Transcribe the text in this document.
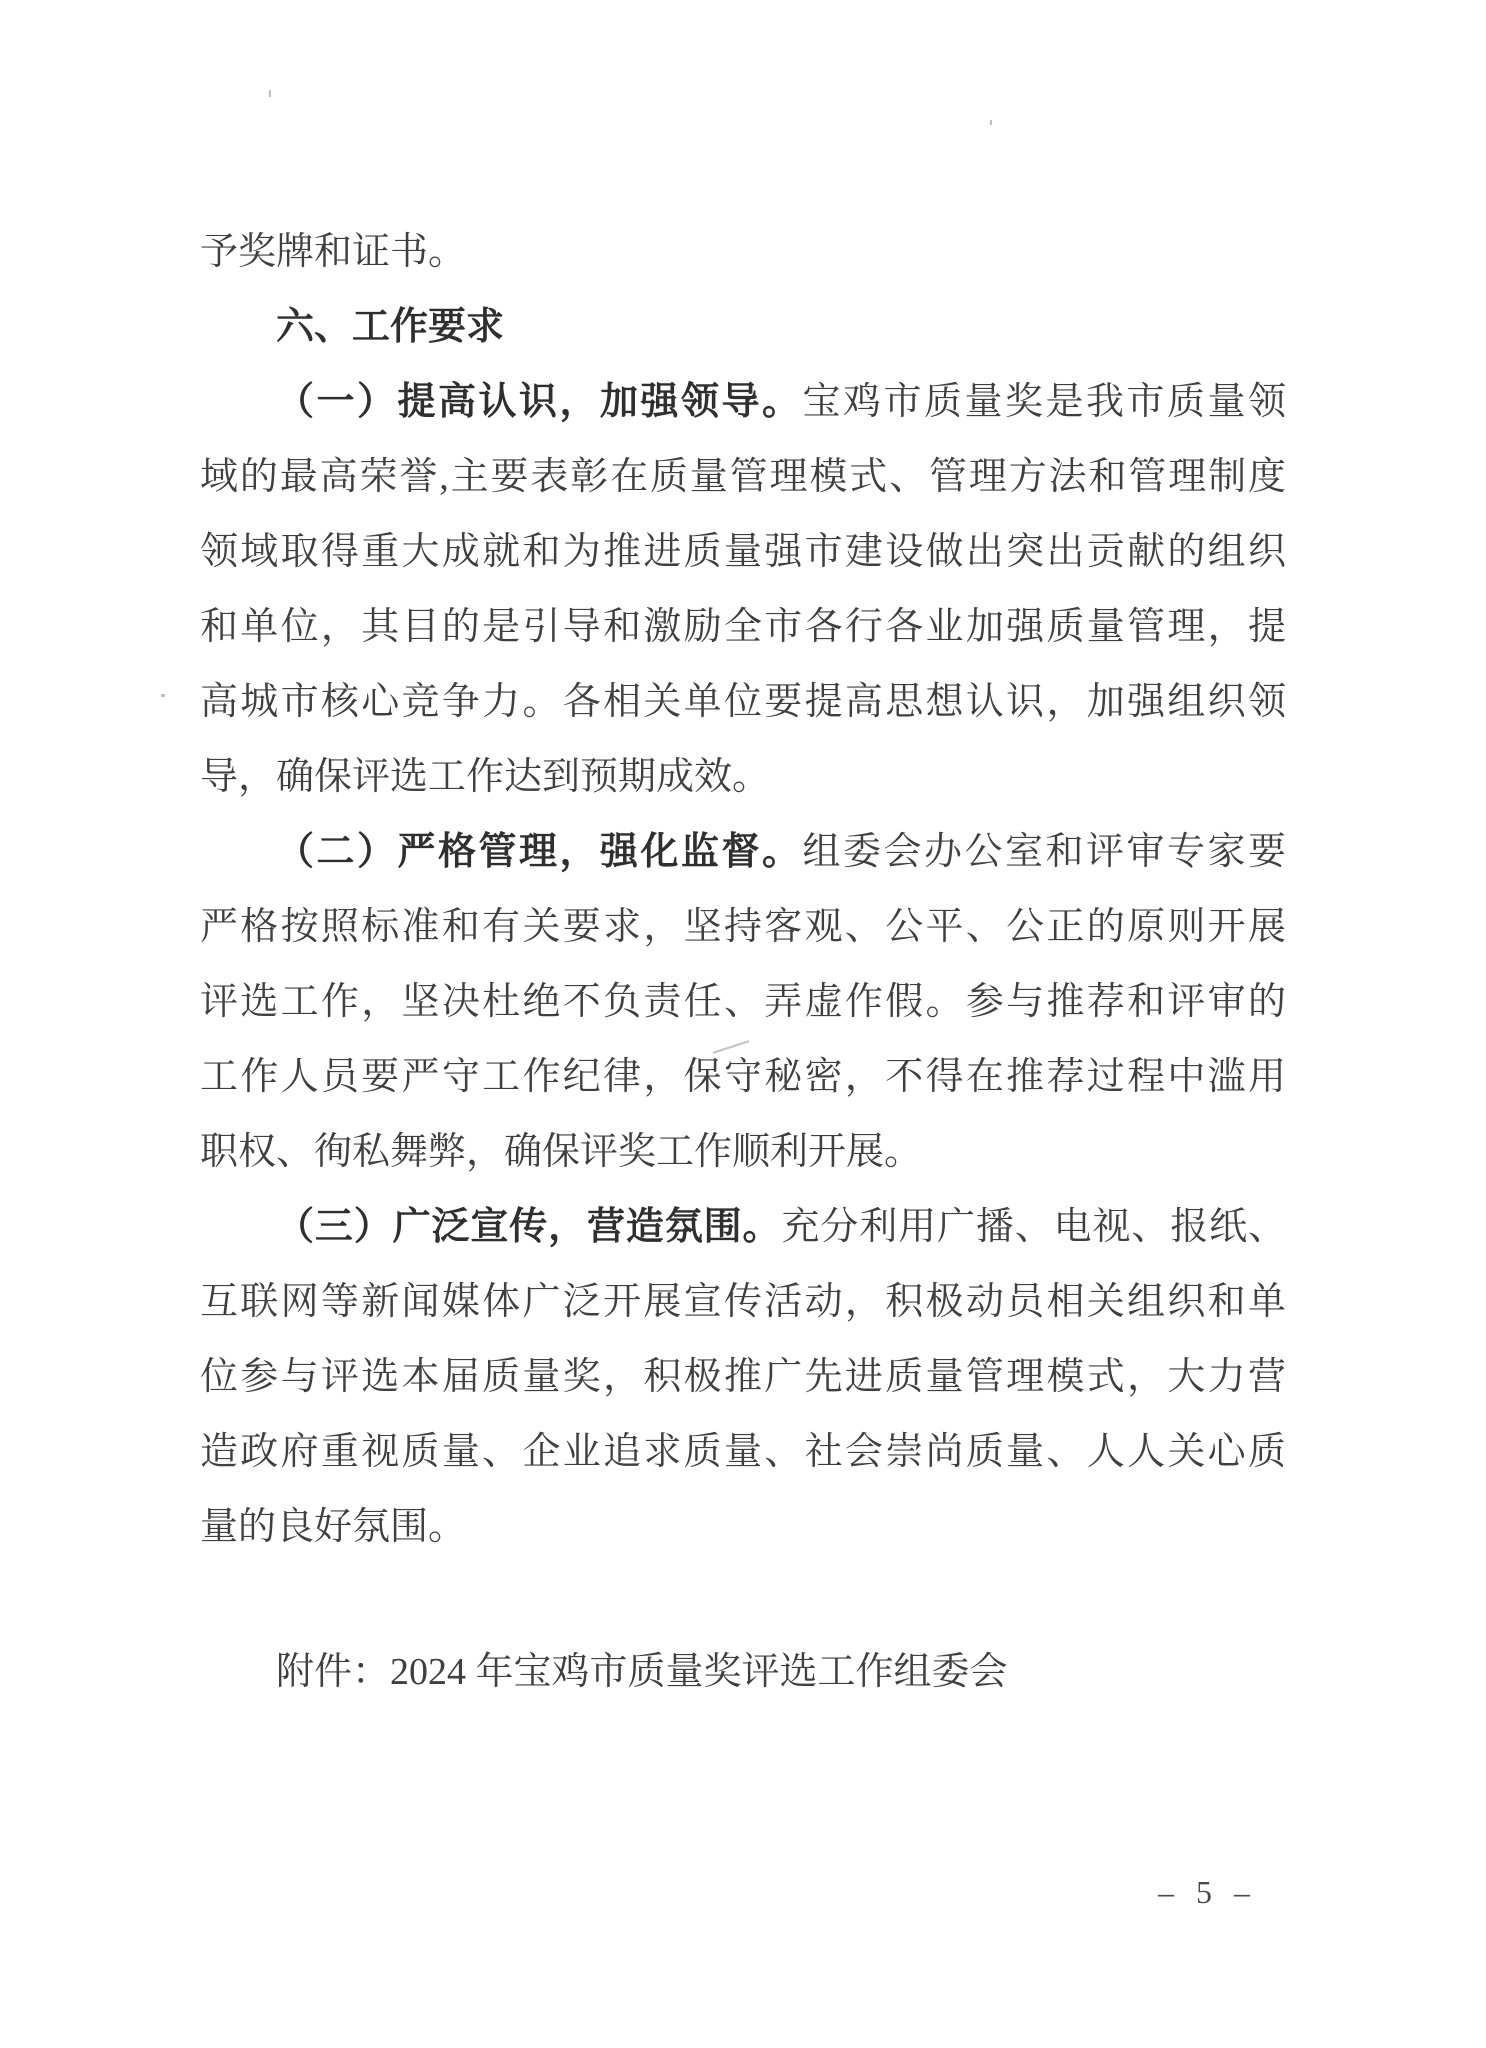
予奖牌和证书。
六、工作要求
（一）提高认识，加强领导。宝鸡市质量奖是我市质量领
域的最高荣誉,主要表彰在质量管理模式、管理方法和管理制度
领域取得重大成就和为推进质量强市建设做出突出贡献的组织
和单位，其目的是引导和激励全市各行各业加强质量管理，提
高城市核心竞争力。各相关单位要提高思想认识，加强组织领
导，确保评选工作达到预期成效。
（二）严格管理，强化监督。组委会办公室和评审专家要
严格按照标准和有关要求，坚持客观、公平、公正的原则开展
评选工作，坚决杜绝不负责任、弄虚作假。参与推荐和评审的
工作人员要严守工作纪律，保守秘密，不得在推荐过程中滥用
职权、徇私舞弊，确保评奖工作顺利开展。
（三）广泛宣传，营造氛围。充分利用广播、电视、报纸、
互联网等新闻媒体广泛开展宣传活动，积极动员相关组织和单
位参与评选本届质量奖，积极推广先进质量管理模式，大力营
造政府重视质量、企业追求质量、社会崇尚质量、人人关心质
量的良好氛围。
附件：2024 年宝鸡市质量奖评选工作组委会
– 5 –
